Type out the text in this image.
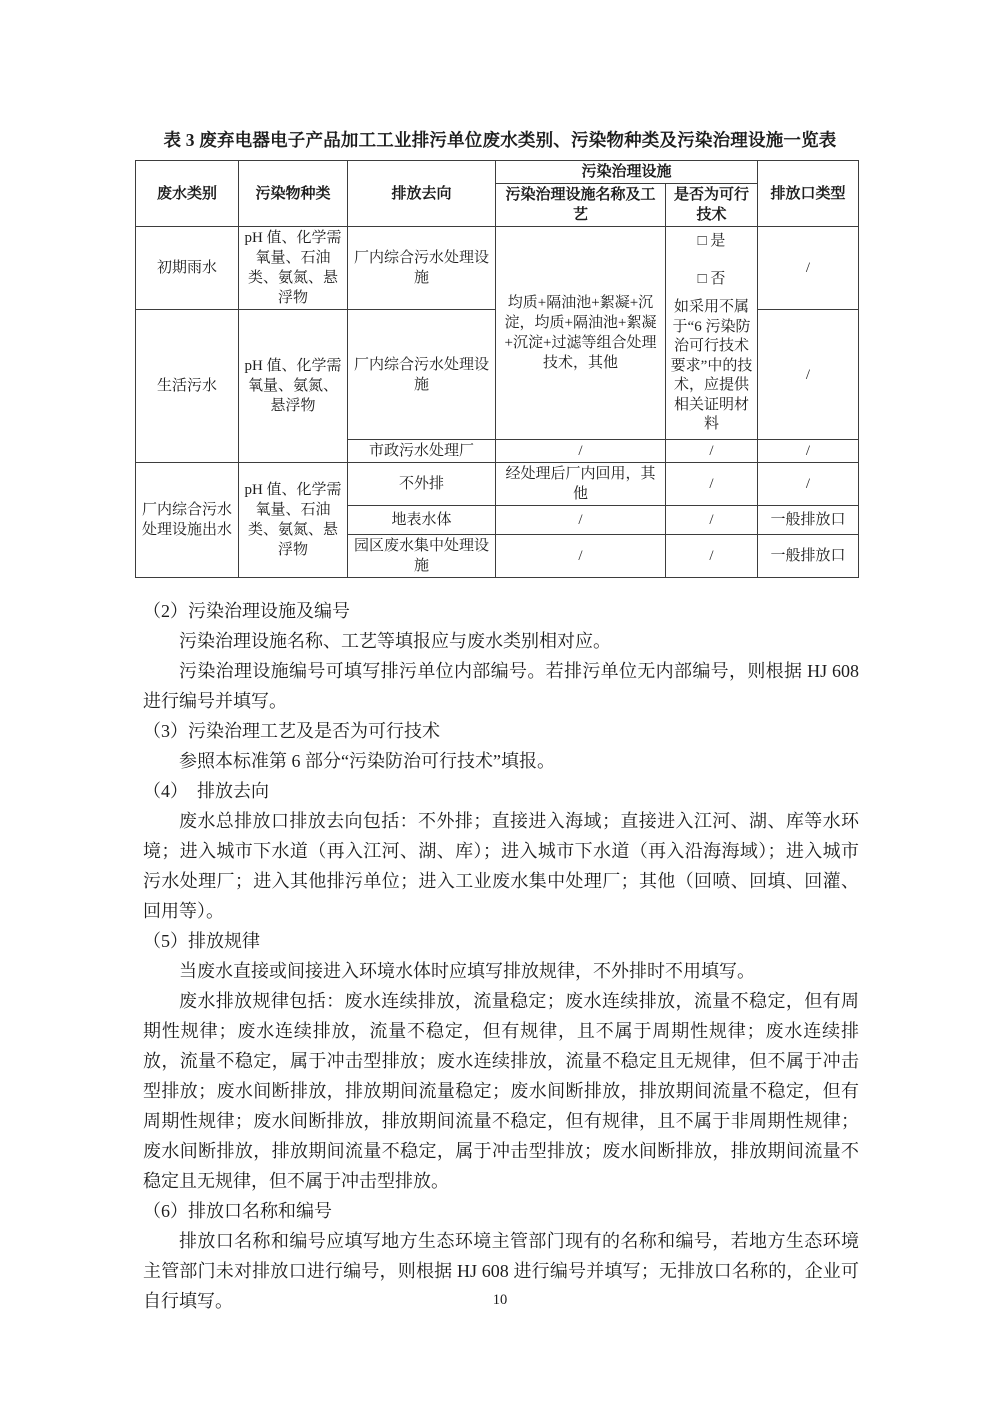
表 3 废弃电器电子产品加工工业排污单位废水类别、污染物种类及污染治理设施一览表
废水类别	污染物种类	排放去向	污染治理设施		排放口类型
			污染治理设施名称及工艺	是否为可行技术	
初期雨水	pH 值、化学需氧量、石油类、氨氮、悬浮物	厂内综合污水处理设施	均质+隔油池+絮凝+沉淀，均质+隔油池+絮凝+沉淀+过滤等组合处理技术，其他	□ 是
□ 否
如采用不属于“6 污染防治可行技术要求”中的技术，应提供相关证明材料	/
生活污水	pH 值、化学需氧量、氨氮、悬浮物	厂内综合污水处理设施			/
		市政污水处理厂	/	/	/
厂内综合污水处理设施出水	pH 值、化学需氧量、石油类、氨氮、悬浮物	不外排	经处理后厂内回用，其他	/	/
		地表水体	/	/	一般排放口
		园区废水集中处理设施	/	/	一般排放口

（2）污染治理设施及编号

污染治理设施名称、工艺等填报应与废水类别相对应。

污染治理设施编号可填写排污单位内部编号。若排污单位无内部编号，则根据 HJ 608 进行编号并填写。

（3）污染治理工艺及是否为可行技术

参照本标准第 6 部分“污染防治可行技术”填报。

（4）　排放去向

废水总排放口排放去向包括：不外排；直接进入海域；直接进入江河、湖、库等水环境；进入城市下水道（再入江河、湖、库）；进入城市下水道（再入沿海海域）；进入城市污水处理厂；进入其他排污单位；进入工业废水集中处理厂；其他（回喷、回填、回灌、回用等）。

（5）排放规律

当废水直接或间接进入环境水体时应填写排放规律，不外排时不用填写。

废水排放规律包括：废水连续排放，流量稳定；废水连续排放，流量不稳定，但有周期性规律；废水连续排放，流量不稳定，但有规律，且不属于周期性规律；废水连续排放，流量不稳定，属于冲击型排放；废水连续排放，流量不稳定且无规律，但不属于冲击型排放；废水间断排放，排放期间流量稳定；废水间断排放，排放期间流量不稳定，但有周期性规律；废水间断排放，排放期间流量不稳定，但有规律，且不属于非周期性规律；废水间断排放，排放期间流量不稳定，属于冲击型排放；废水间断排放，排放期间流量不稳定且无规律，但不属于冲击型排放。

（6）排放口名称和编号

排放口名称和编号应填写地方生态环境主管部门现有的名称和编号，若地方生态环境主管部门未对排放口进行编号，则根据 HJ 608 进行编号并填写；无排放口名称的，企业可自行填写。	10
